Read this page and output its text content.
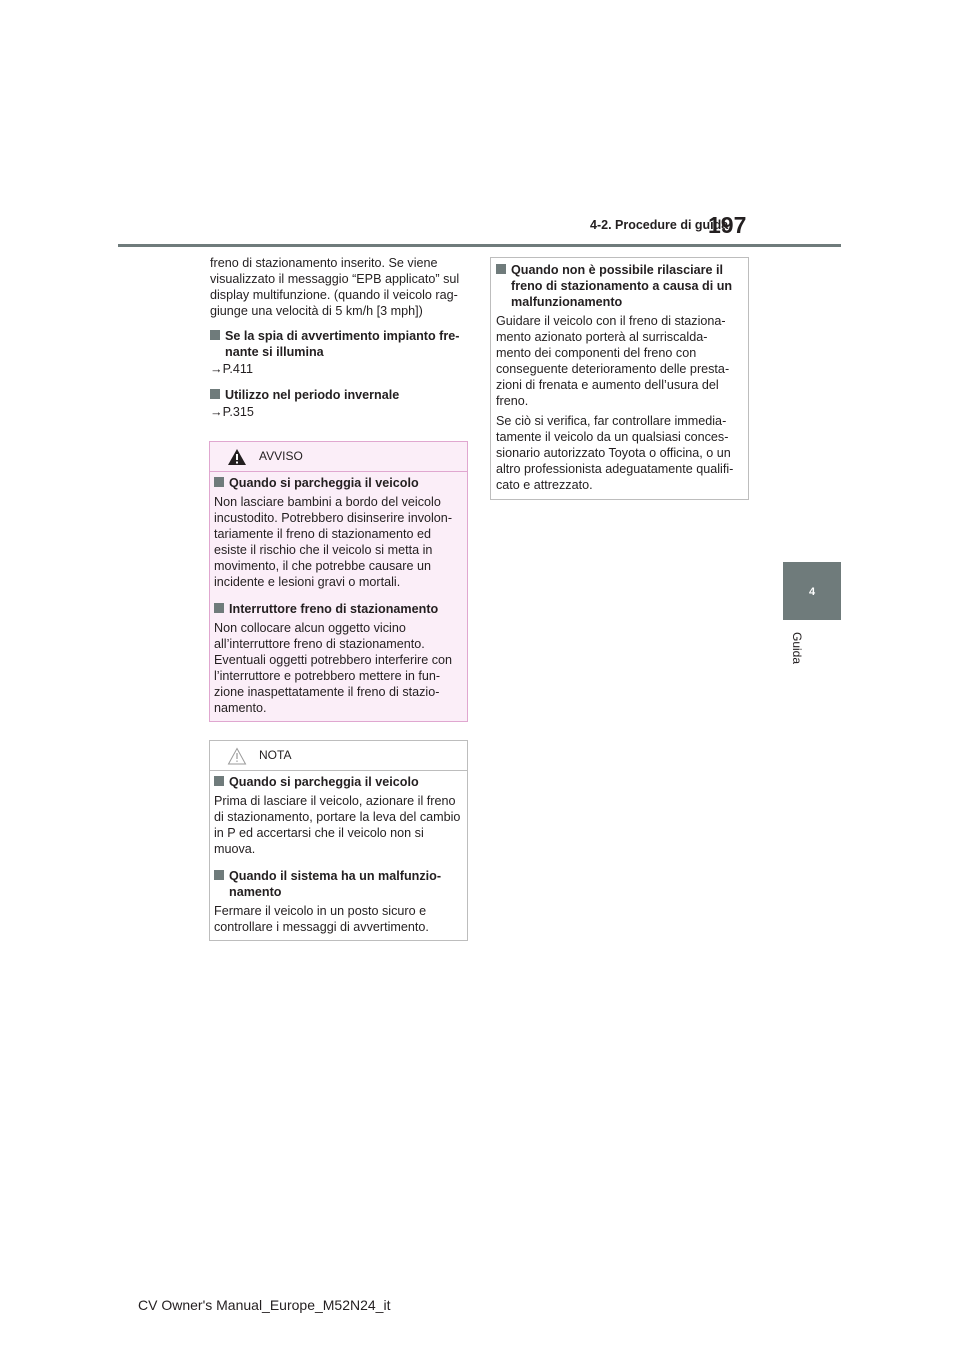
4-2. Procedure di guida
197
4
Guida
freno di stazionamento inserito. Se viene visualizzato il messaggio “EPB applicato” sul display multifunzione. (quando il veicolo rag-giunge una velocità di 5 km/h [3 mph])
Se la spia di avvertimento impianto fre-nante si illumina
→P.411
Utilizzo nel periodo invernale
→P.315
AVVISO
Quando si parcheggia il veicolo
Non lasciare bambini a bordo del veicolo incustodito. Potrebbero disinserire involon-tariamente il freno di stazionamento ed esiste il rischio che il veicolo si metta in movimento, il che potrebbe causare un incidente e lesioni gravi o mortali.
Interruttore freno di stazionamento
Non collocare alcun oggetto vicino all’interruttore freno di stazionamento. Eventuali oggetti potrebbero interferire con l’interruttore e potrebbero mettere in fun-zione inaspettatamente il freno di stazio-namento.
NOTA
Quando si parcheggia il veicolo
Prima di lasciare il veicolo, azionare il freno di stazionamento, portare la leva del cambio in P ed accertarsi che il veicolo non si muova.
Quando il sistema ha un malfunzio-namento
Fermare il veicolo in un posto sicuro e controllare i messaggi di avvertimento.
Quando non è possibile rilasciare il freno di stazionamento a causa di un malfunzionamento
Guidare il veicolo con il freno di staziona-mento azionato porterà al surriscalda-mento dei componenti del freno con conseguente deterioramento delle presta-zioni di frenata e aumento dell’usura del freno.
Se ciò si verifica, far controllare immedia-tamente il veicolo da un qualsiasi conces-sionario autorizzato Toyota o officina, o un altro professionista adeguatamente qualifi-cato e attrezzato.
CV Owner's Manual_Europe_M52N24_it
